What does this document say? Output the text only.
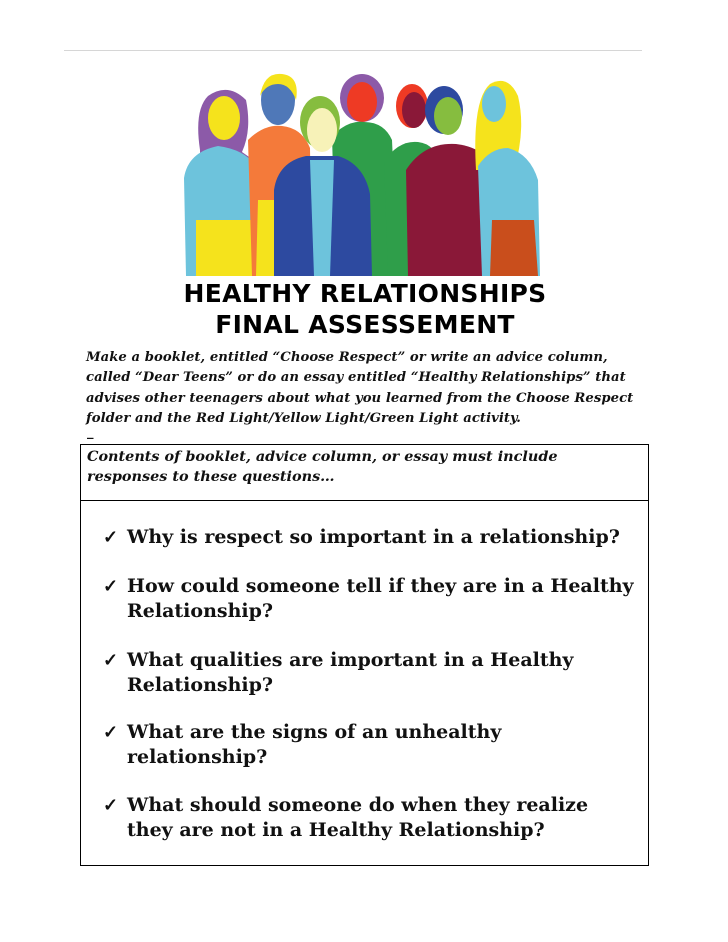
HEALTHY RELATIONSHIPS
FINAL ASSESSEMENT
Make a booklet, entitled “Choose Respect” or write an advice column, called “Dear Teens” or do an essay entitled “Healthy Relationships” that advises other teenagers about what you learned from the Choose Respect folder and the Red Light/Yellow Light/Green Light activity.
_

Contents of booklet, advice column, or essay must include responses to these questions…

✓ Why is respect so important in a relationship?
✓ How could someone tell if they are in a Healthy Relationship?
✓ What qualities are important in a Healthy Relationship?
✓ What are the signs of an unhealthy relationship?
✓ What should someone do when they realize they are not in a Healthy Relationship?
